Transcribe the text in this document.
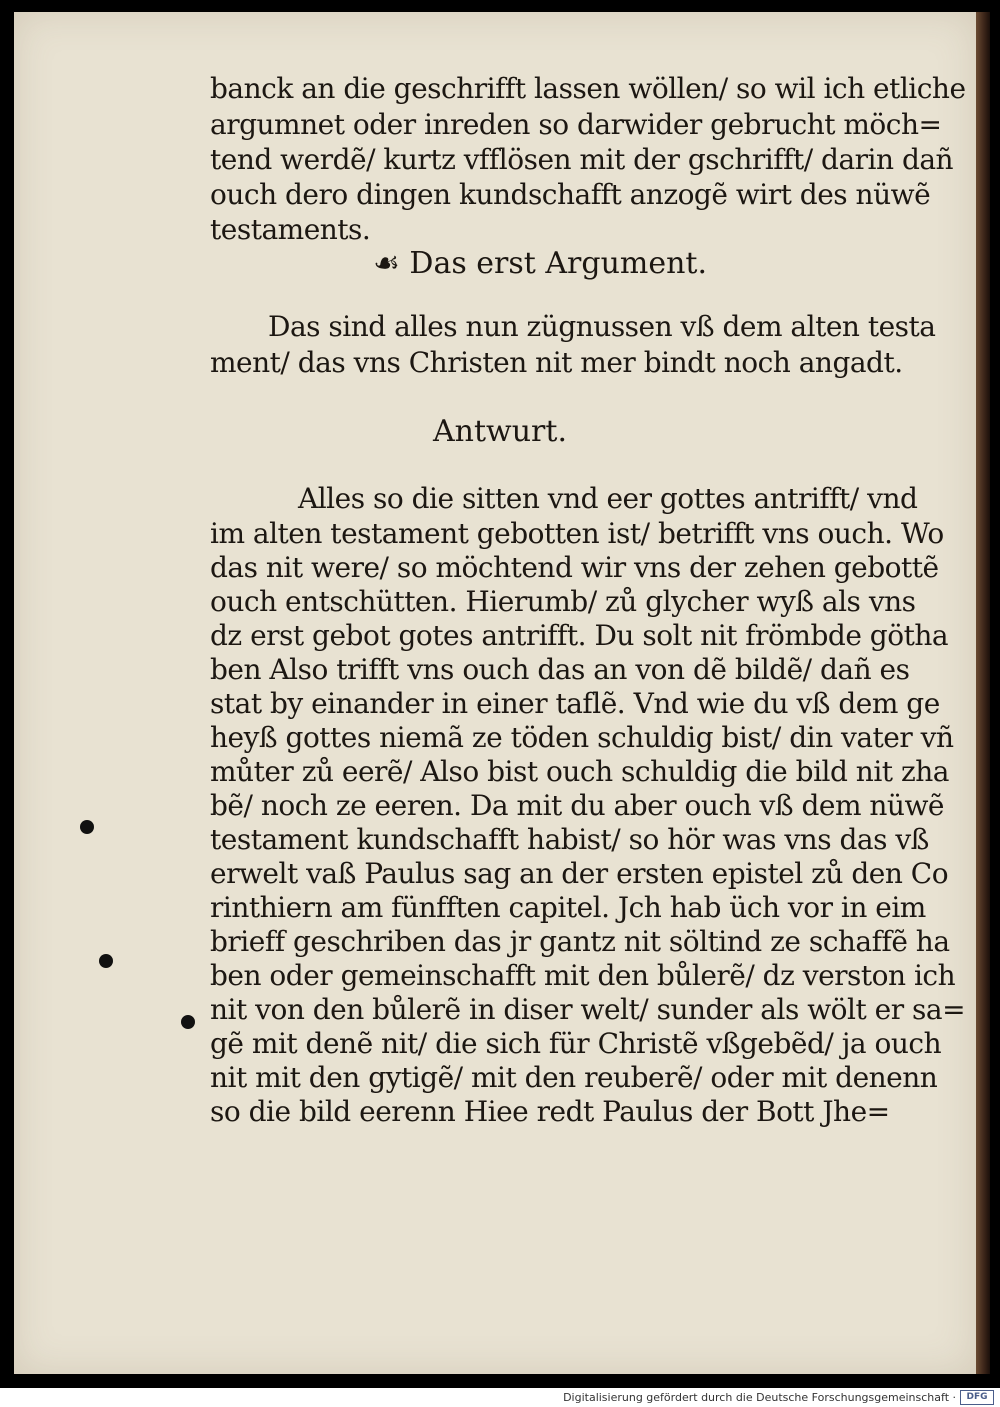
banck an die geschrifft lassen wöllen/ so wil ich etliche
argumnet oder inreden so darwider gebrucht möch=
tend werdẽ/ kurtz vfflösen mit der gschrifft/ darin dañ
ouch dero dingen kundschafft anzogẽ wirt des nüwẽ
testaments.
☙ Das erst Argument.
Das sind alles nun zügnussen vß dem alten testa
ment/ das vns Christen nit mer bindt noch angadt.
Antwurt.
Alles so die sitten vnd eer gottes antrifft/ vnd
im alten testament gebotten ist/ betrifft vns ouch. Wo
das nit were/ so möchtend wir vns der zehen gebottẽ
ouch entschütten. Hierumb/ zů glycher wyß als vns
dz erst gebot gotes antrifft. Du solt nit frömbde götha
ben Also trifft vns ouch das an von dẽ bildẽ/ dañ es
stat by einander in einer taflẽ. Vnd wie du vß dem ge
heyß gottes niemã ze töden schuldig bist/ din vater vñ
můter zů eerẽ/ Also bist ouch schuldig die bild nit zha
bẽ/ noch ze eeren. Da mit du aber ouch vß dem nüwẽ
testament kundschafft habist/ so hör was vns das vß
erwelt vaß Paulus sag an der ersten epistel zů den Co
rinthiern am fünfften capitel. Jch hab üch vor in eim
brieff geschriben das jr gantz nit söltind ze schaffẽ ha
ben oder gemeinschafft mit den bůlerẽ/ dz verston ich
nit von den bůlerẽ in diser welt/ sunder als wölt er sa=
gẽ mit denẽ nit/ die sich für Christẽ vßgebẽd/ ja ouch
nit mit den gytigẽ/ mit den reuberẽ/ oder mit denenn
so die bild eerenn Hiee redt Paulus der Bott Jhe=
Digitalisierung gefördert durch die Deutsche Forschungsgemeinschaft ·	DFG
